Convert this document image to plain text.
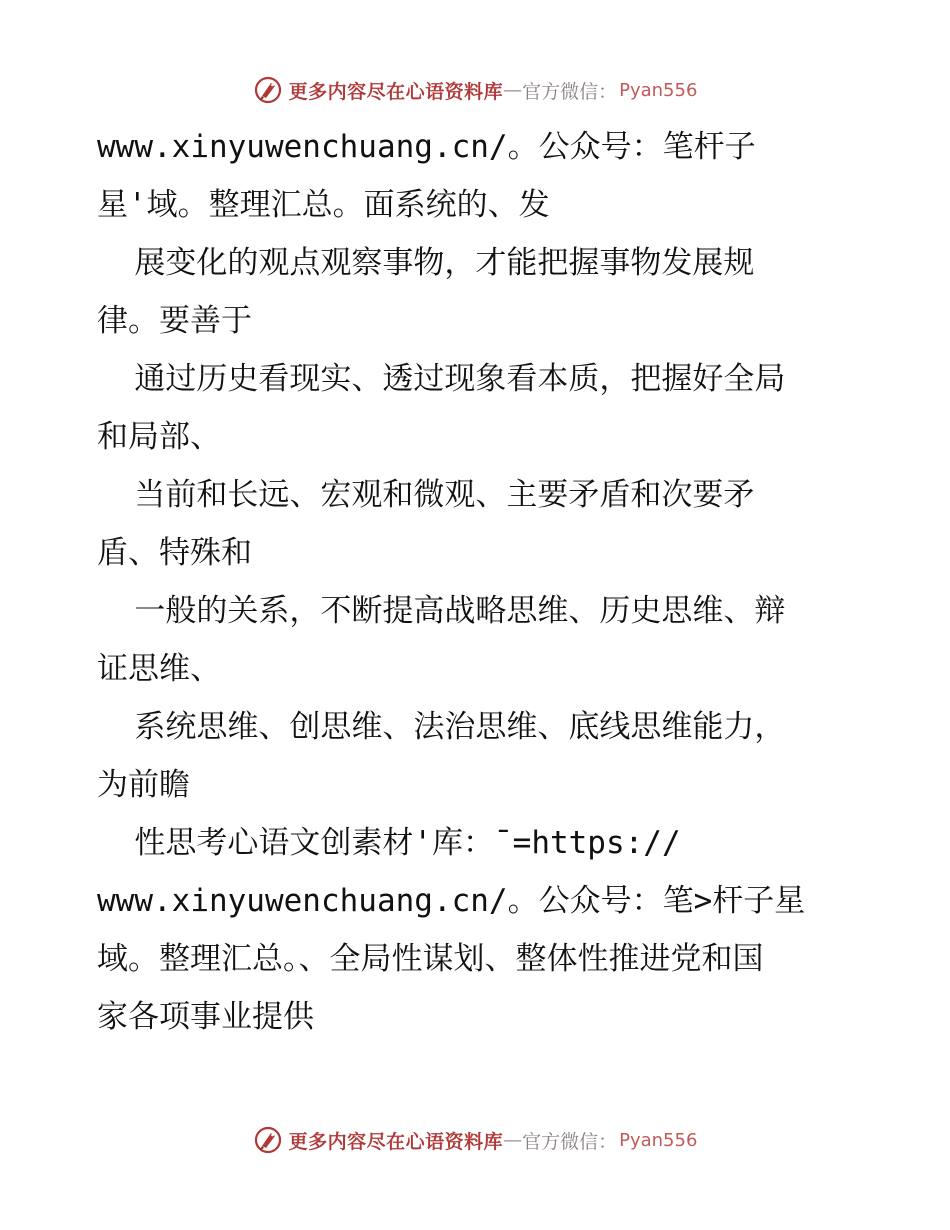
更多内容尽在心语资料库 — 官方微信： Pyan556
www.xinyuwenchuang.cn/。公众号：笔杆子
星'域。整理汇总。面系统的、发
展变化的观点观察事物，才能把握事物发展规
律。要善于
通过历史看现实、透过现象看本质，把握好全局
和局部、
当前和长远、宏观和微观、主要矛盾和次要矛
盾、特殊和
一般的关系，不断提高战略思维、历史思维、辩
证思维、
系统思维、创思维、法治思维、底线思维能力，
为前瞻
性思考心语文创素材'库：¯=https://
www.xinyuwenchuang.cn/。公众号：笔>杆子星
域。整理汇总。、全局性谋划、整体性推进党和国
家各项事业提供
更多内容尽在心语资料库 — 官方微信： Pyan556
